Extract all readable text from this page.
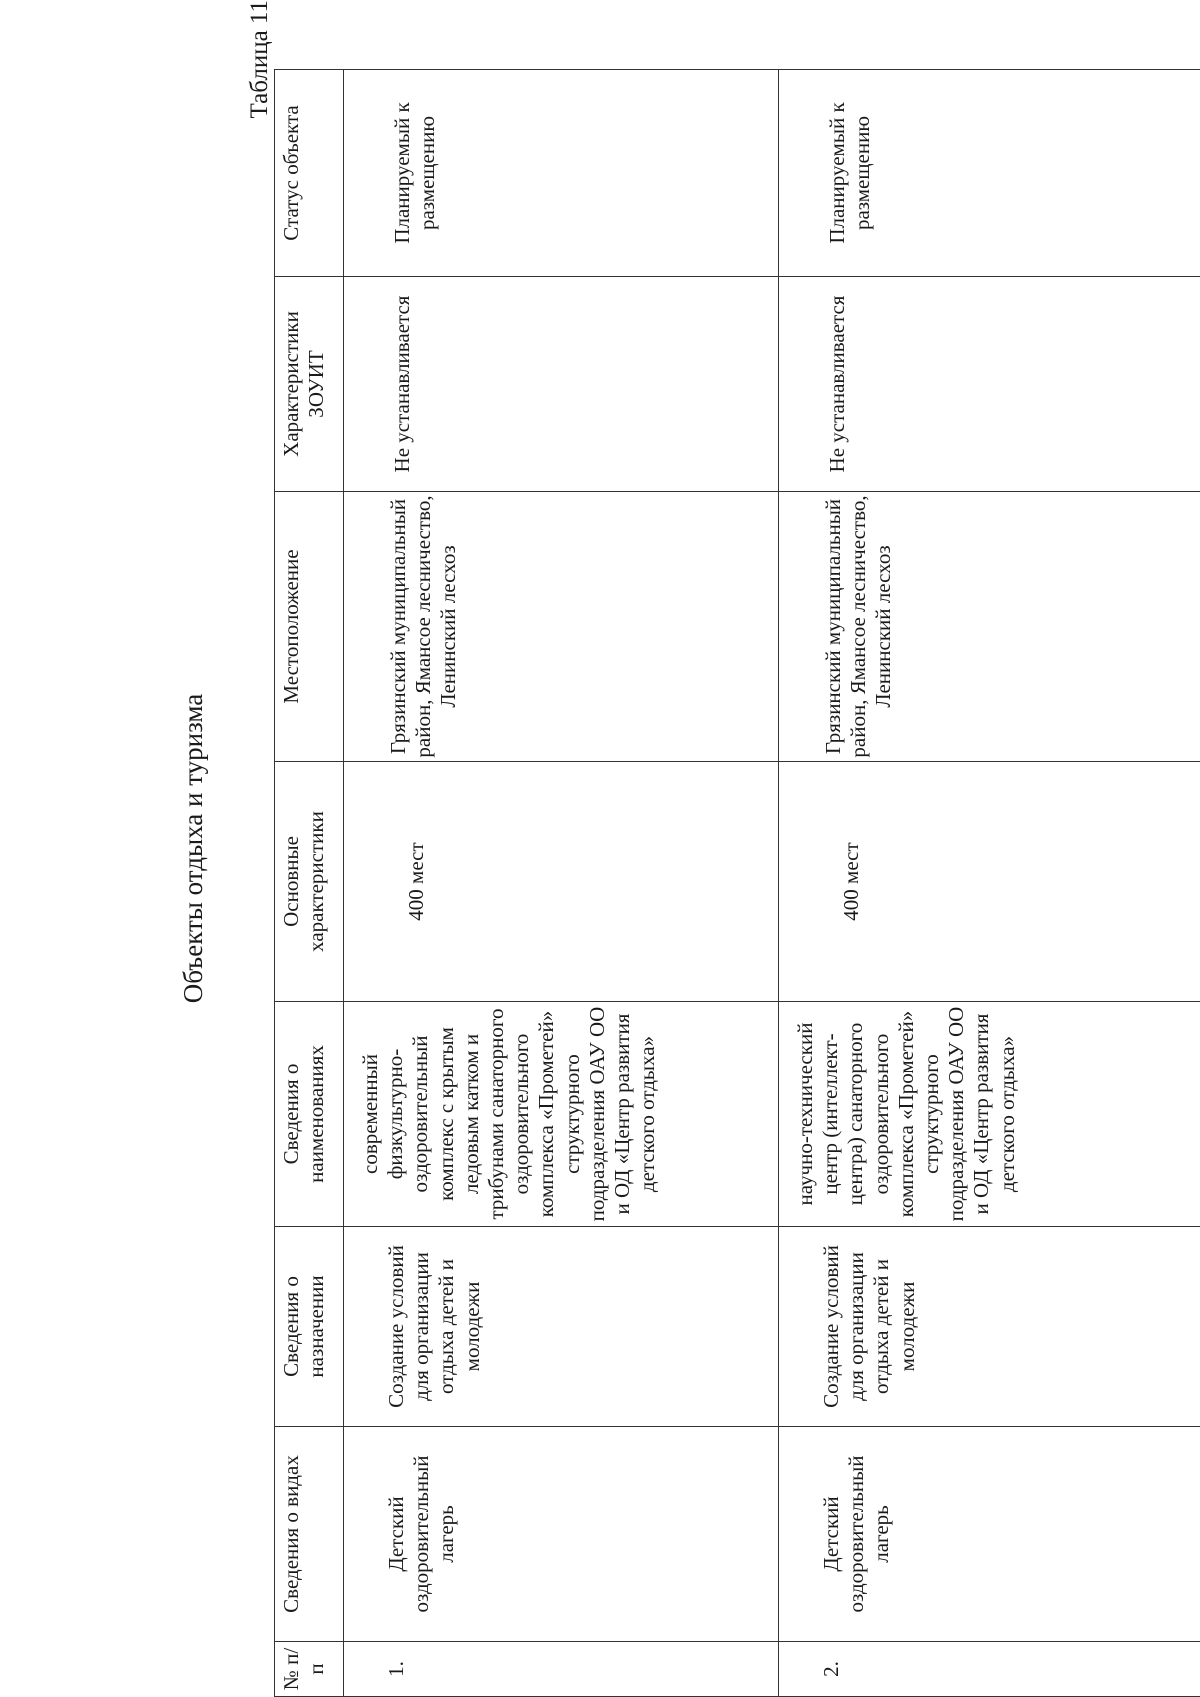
Объекты отдыха и туризма

Таблица 11

№ п/п	Сведения о видах	Сведения о назначении	Сведения о наименованиях	Основные характеристики	Местоположение	Характеристики ЗОУИТ	Статус объекта
1.	Детский оздоровительный лагерь	Создание условий для организации отдыха детей и молодежи	современный физкультурно-оздоровительный комплекс с крытым ледовым катком и трибунами санаторного оздоровительного комплекса «Прометей» структурного подразделения ОАУ ОО и ОД «Центр развития детского отдыха»	400 мест	Грязинский муниципальный район, Ямансое лесничество, Ленинский лесхоз	Не устанавливается	Планируемый к размещению
2.	Детский оздоровительный лагерь	Создание условий для организации отдыха детей и молодежи	научно-технический центр (интеллект-центра) санаторного оздоровительного комплекса «Прометей» структурного подразделения ОАУ ОО и ОД «Центр развития детского отдыха»	400 мест	Грязинский муниципальный район, Ямансое лесничество, Ленинский лесхоз	Не устанавливается	Планируемый к размещению
